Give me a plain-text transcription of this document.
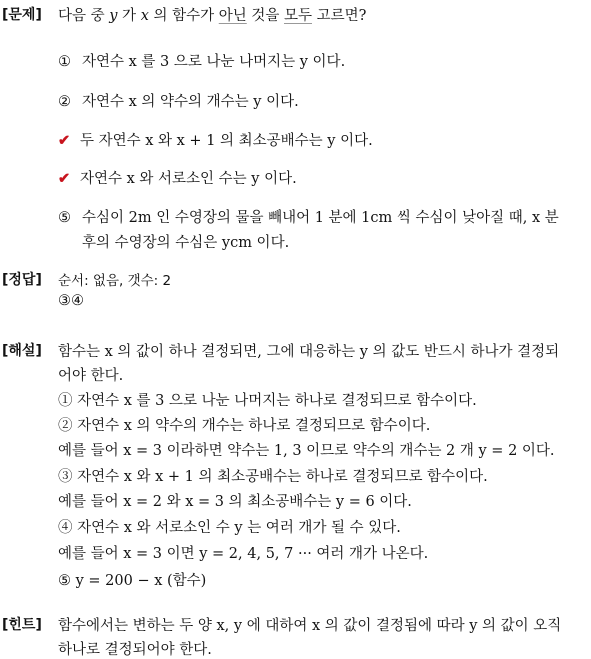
[문제] 다음 중 y 가 x 의 함수가 아닌 것을 모두 고르면?
① 자연수 x 를 3 으로 나눈 나머지는 y 이다.
② 자연수 x 의 약수의 개수는 y 이다.
✔ 두 자연수 x 와 x + 1 의 최소공배수는 y 이다.
✔ 자연수 x 와 서로소인 수는 y 이다.
⑤ 수심이 2m 인 수영장의 물을 빼내어 1 분에 1cm 씩 수심이 낮아질 때, x 분
후의 수영장의 수심은 ycm 이다.
[정답] 순서: 없음, 갯수: 2
③④
[해설] 함수는 x 의 값이 하나 결정되면, 그에 대응하는 y 의 값도 반드시 하나가 결정되
어야 한다.
① 자연수 x 를 3 으로 나눈 나머지는 하나로 결정되므로 함수이다.
② 자연수 x 의 약수의 개수는 하나로 결정되므로 함수이다.
예를 들어 x = 3 이라하면 약수는 1, 3 이므로 약수의 개수는 2 개 y = 2 이다.
③ 자연수 x 와 x + 1 의 최소공배수는 하나로 결정되므로 함수이다.
예를 들어 x = 2 와 x = 3 의 최소공배수는 y = 6 이다.
④ 자연수 x 와 서로소인 수 y 는 여러 개가 될 수 있다.
예를 들어 x = 3 이면 y = 2, 4, 5, 7 ··· 여러 개가 나온다.
⑤ y = 200 − x (함수)
[힌트] 함수에서는 변하는 두 양 x, y 에 대하여 x 의 값이 결정됨에 따라 y 의 값이 오직
하나로 결정되어야 한다.
